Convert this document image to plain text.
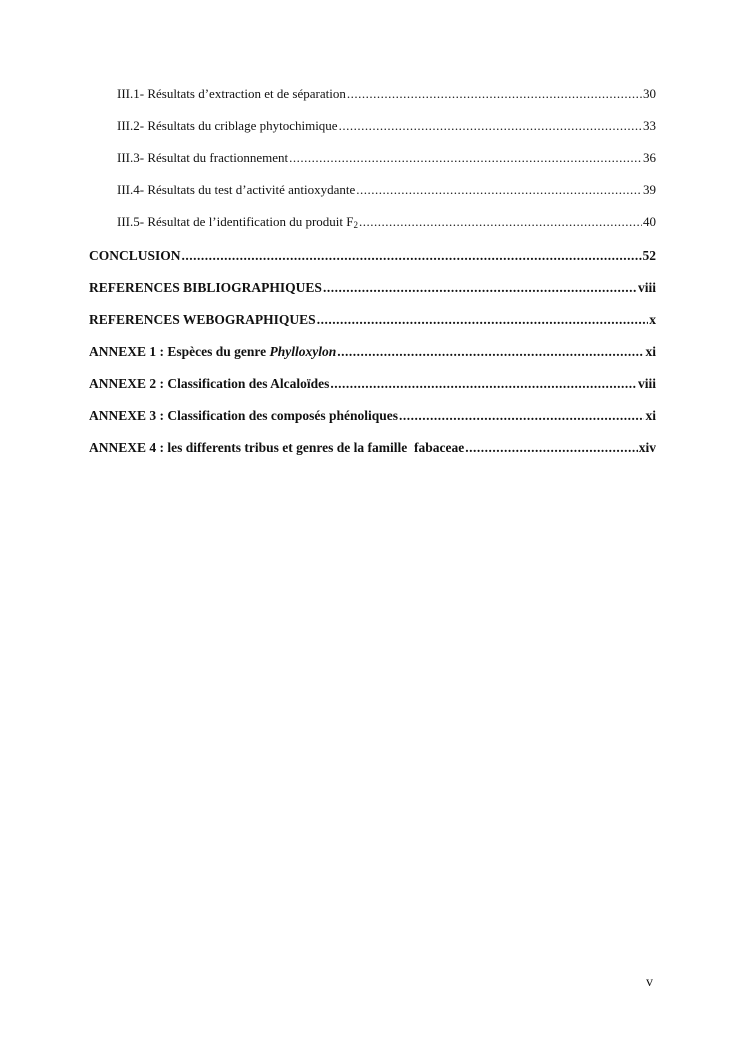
III.1- Résultats d’extraction et de séparation .....	30
III.2- Résultats du criblage phytochimique .....	33
III.3- Résultat du fractionnement .....	36
III.4- Résultats du test d’activité antioxydante .....	39
III.5- Résultat de l’identification du produit $F_2$ .....	40
CONCLUSION .....	52
REFERENCES BIBLIOGRAPHIQUES .....	viii
REFERENCES WEBOGRAPHIQUES .....	x
ANNEXE 1 : Espèces du genre Phylloxylon .....	xi
ANNEXE 2 : Classification des Alcaloïdes .....	viii
ANNEXE 3 : Classification des composés phénoliques .....	xi
ANNEXE 4 : les differents tribus et genres de la famille  fabaceae .....	xiv
v
